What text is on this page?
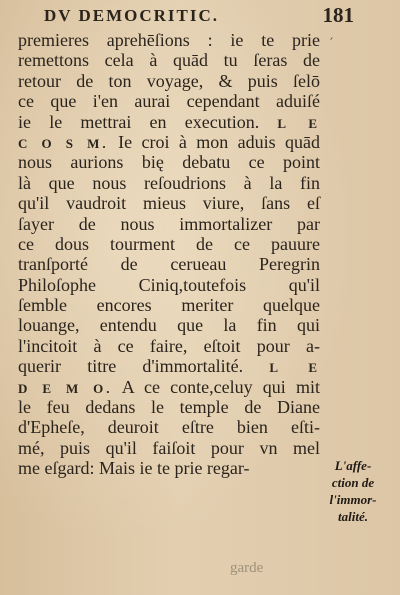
DV DEMOCRITIC.	181
′
premieres aprehēſions : ie te prie
remettons cela à quād tu ſeras de
retour de ton voyage, & puis ſelō
ce que i'en aurai cependant aduiſé
ie le mettrai en execution. L E
C O S M. Ie croi à mon aduis quād
nous aurions bię debatu ce point
là que nous reſoudrions à la fin
qu'il vaudroit mieus viure, ſans eſ
ſayer de nous immortalizer par
ce dous tourment de ce pauure
tranſporté de cerueau Peregrin
Philoſophe Ciniq,toutefois qu'il
ſemble encores meriter quelque
louange, entendu que la fin qui
l'incitoit à ce faire, eſtoit pour a-
querir titre d'immortalité. L E
D E M O. A ce conte,celuy qui mit
le feu dedans le temple de Diane
d'Epheſe, deuroit eſtre bien eſti-
mé, puis qu'il faiſoit pour vn mel
me eſgard: Mais ie te prie regar-	L'affe-
ction de
l'immor-
talité.
garde
